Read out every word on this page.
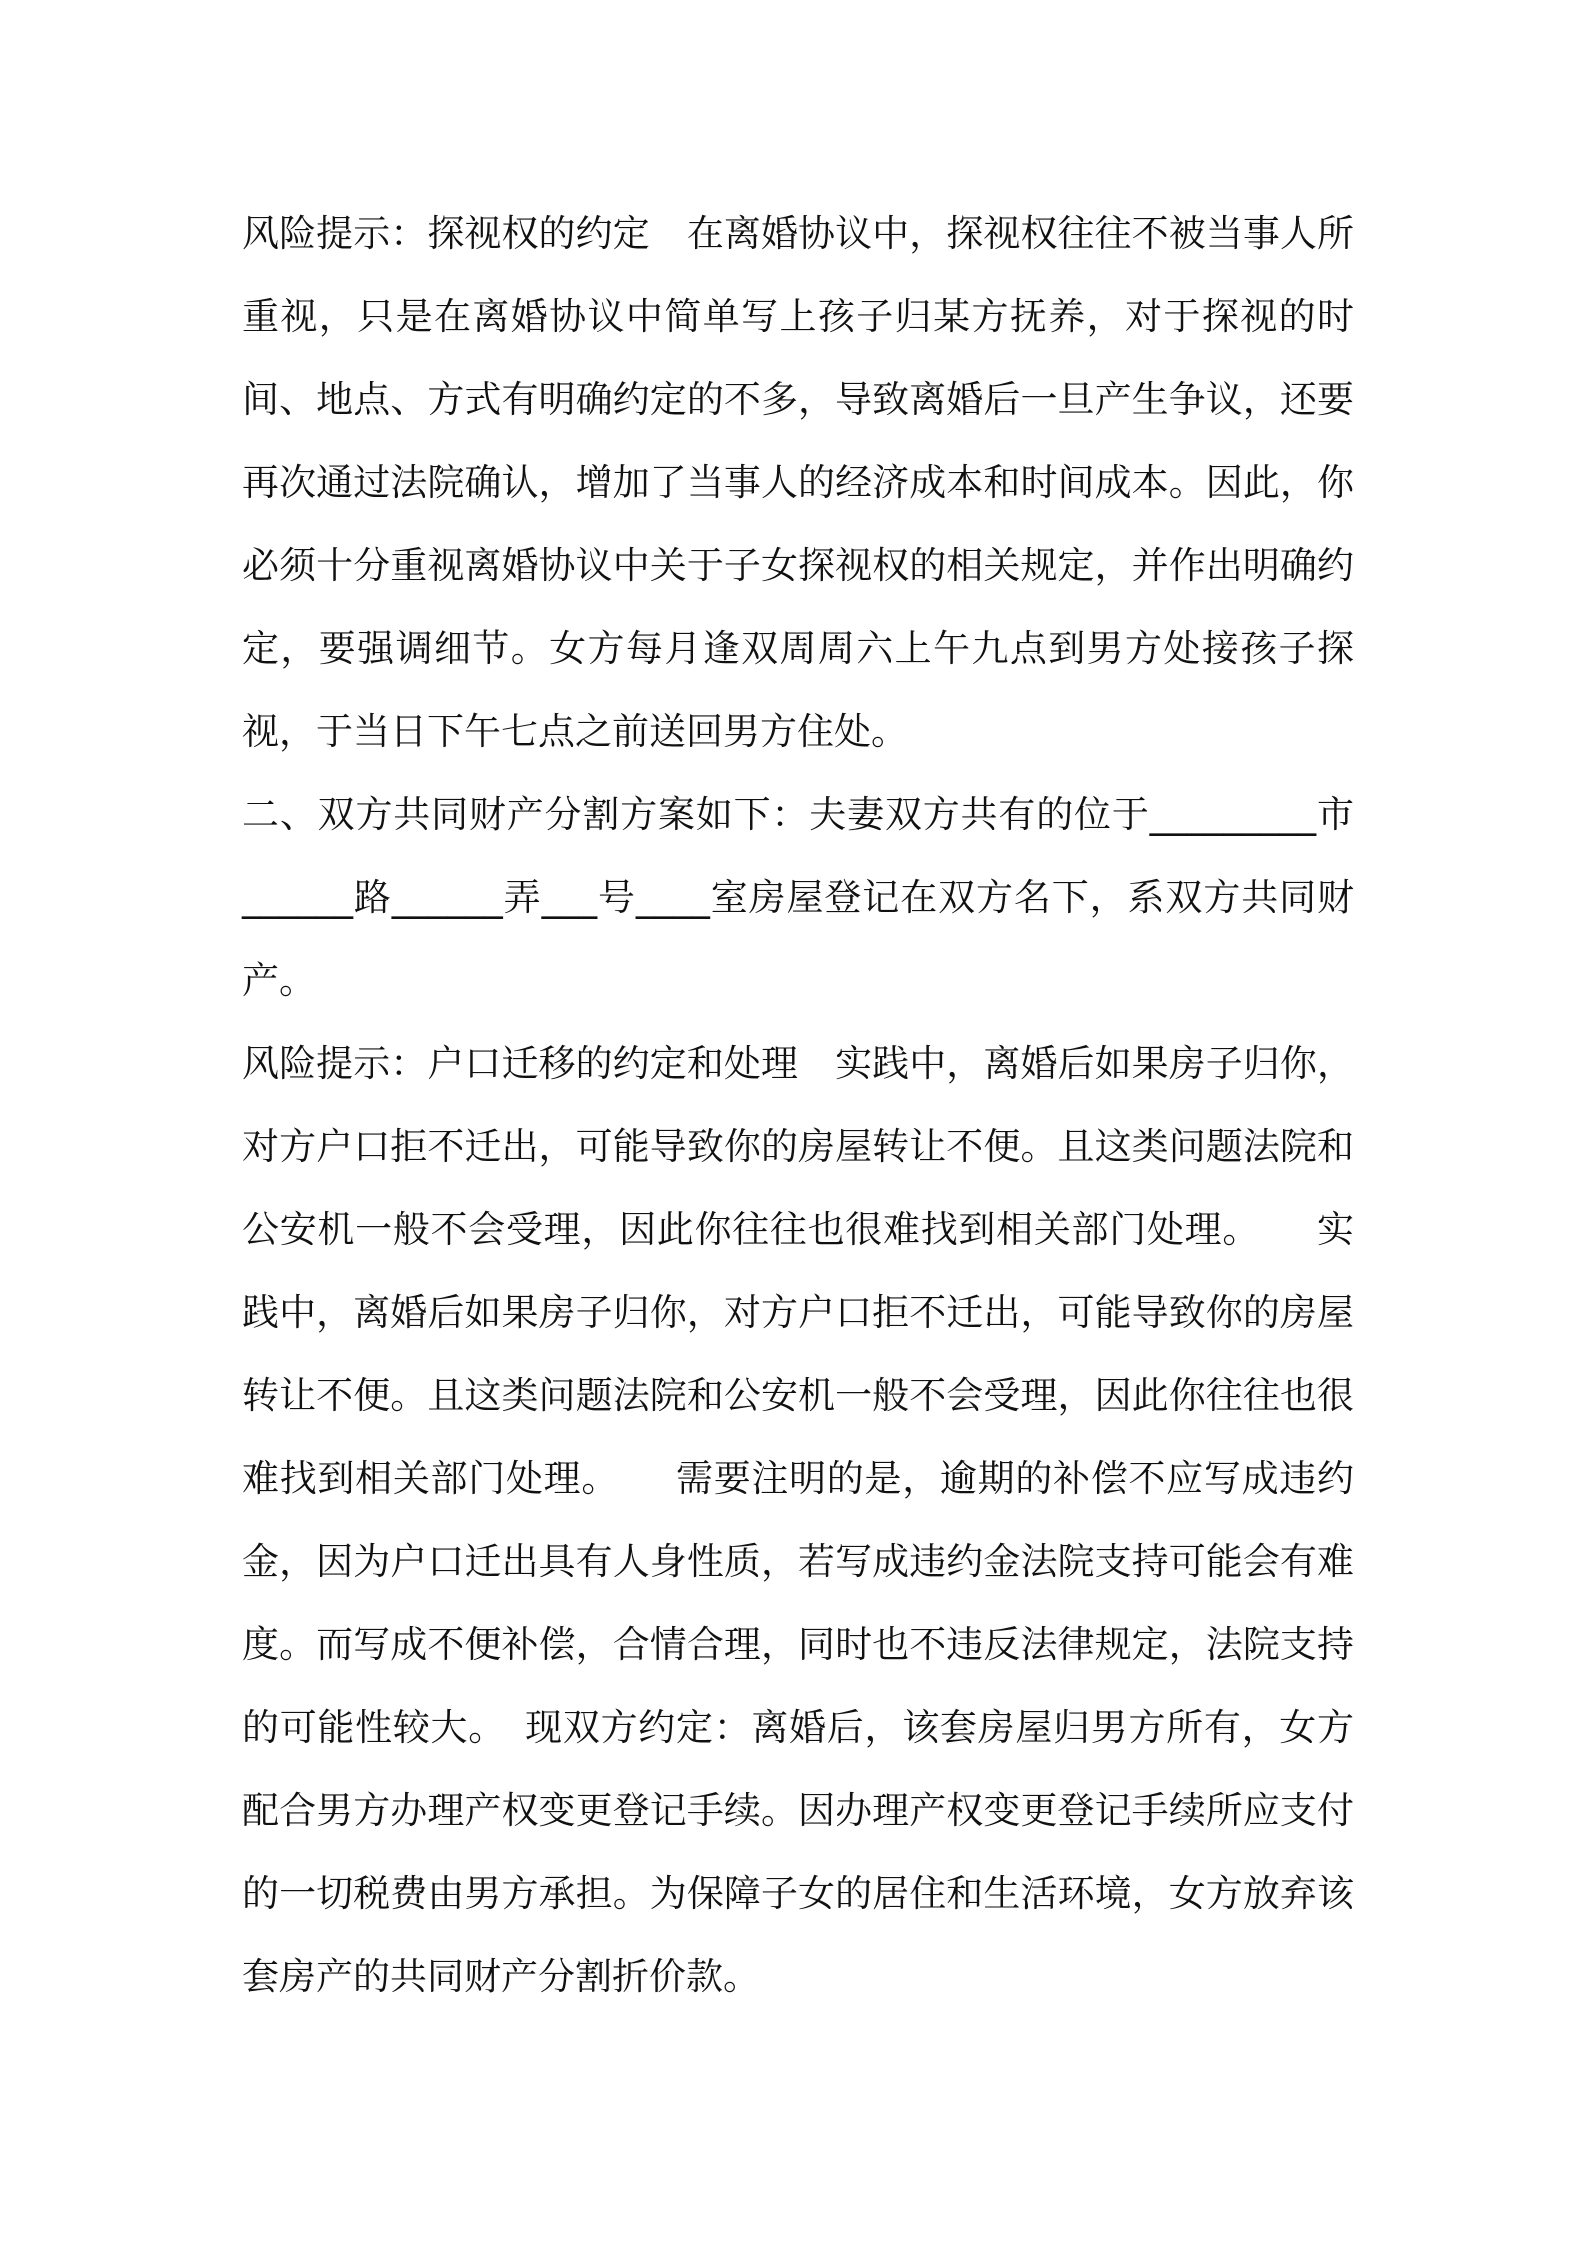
风险提示：探视权的约定　在离婚协议中，探视权往往不被当事人所重视，只是在离婚协议中简单写上孩子归某方抚养，对于探视的时间、地点、方式有明确约定的不多，导致离婚后一旦产生争议，还要再次通过法院确认，增加了当事人的经济成本和时间成本。因此，你必须十分重视离婚协议中关于子女探视权的相关规定，并作出明确约定，要强调细节。女方每月逢双周周六上午九点到男方处接孩子探视，于当日下午七点之前送回男方住处。

二、双方共同财产分割方案如下：夫妻双方共有的位于_________市______路______弄___号____室房屋登记在双方名下，系双方共同财产。

风险提示：户口迁移的约定和处理　实践中，离婚后如果房子归你，对方户口拒不迁出，可能导致你的房屋转让不便。且这类问题法院和公安机一般不会受理，因此你往往也很难找到相关部门处理。　　实践中，离婚后如果房子归你，对方户口拒不迁出，可能导致你的房屋转让不便。且这类问题法院和公安机一般不会受理，因此你往往也很难找到相关部门处理。　　需要注明的是，逾期的补偿不应写成违约金，因为户口迁出具有人身性质，若写成违约金法院支持可能会有难度。而写成不便补偿，合情合理，同时也不违反法律规定，法院支持的可能性较大。　现双方约定：离婚后，该套房屋归男方所有，女方配合男方办理产权变更登记手续。因办理产权变更登记手续所应支付的一切税费由男方承担。为保障子女的居住和生活环境，女方放弃该套房产的共同财产分割折价款。
